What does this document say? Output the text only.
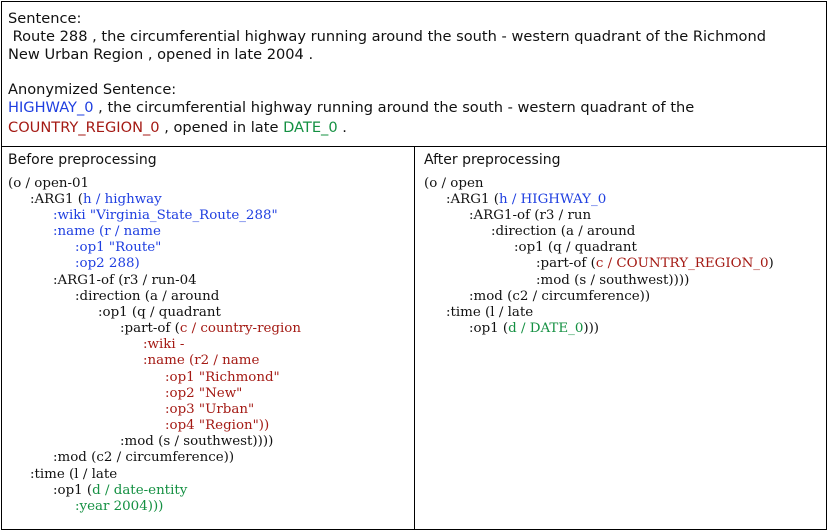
Sentence:
Route 288 , the circumferential highway running around the south - western quadrant of the Richmond
New Urban Region , opened in late 2004 .
Anonymized Sentence:
HIGHWAY_0 , the circumferential highway running around the south - western quadrant of the
COUNTRY_REGION_0 , opened in late DATE_0 .
Before preprocessing
(o / open-01
:ARG1 (h / highway
:wiki "Virginia_State_Route_288"
:name (r / name
:op1 "Route"
:op2 288)
:ARG1-of (r3 / run-04
:direction (a / around
:op1 (q / quadrant
:part-of (c / country-region
:wiki -
:name (r2 / name
:op1 "Richmond"
:op2 "New"
:op3 "Urban"
:op4 "Region"))
:mod (s / southwest))))
:mod (c2 / circumference))
:time (l / late
:op1 (d / date-entity
:year 2004)))
After preprocessing
(o / open
:ARG1 (h / HIGHWAY_0
:ARG1-of (r3 / run
:direction (a / around
:op1 (q / quadrant
:part-of (c / COUNTRY_REGION_0)
:mod (s / southwest))))
:mod (c2 / circumference))
:time (l / late
:op1 (d / DATE_0)))
